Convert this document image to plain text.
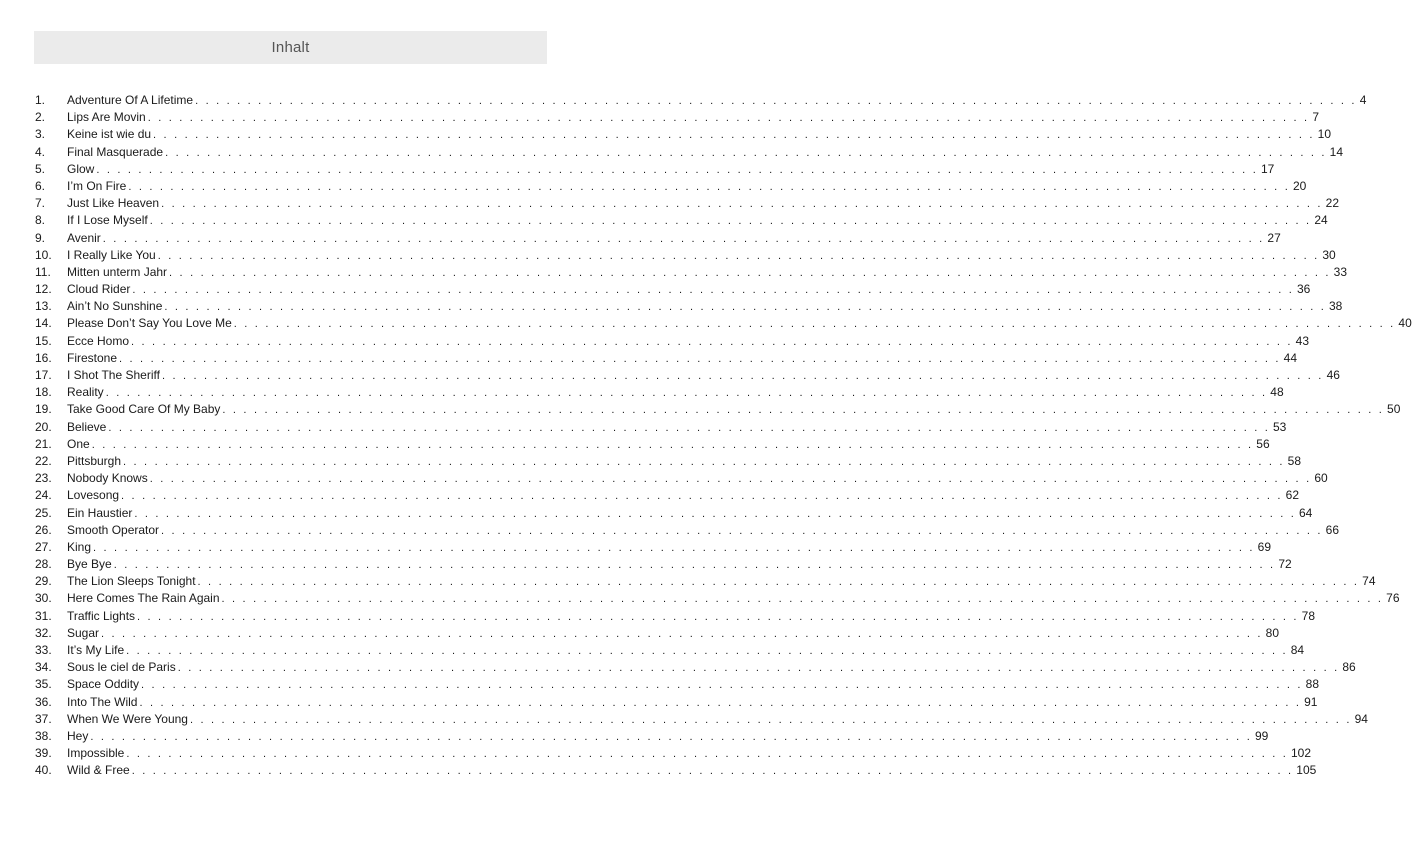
Inhalt
1.	Adventure Of A Lifetime . . . . . . . . . . . . . . . . . . . . . . . . . . . . . . . . . . . . . . . . . . . . . . . . . . . . . . . . . . . . . . . . . . . . . . . . . . . . . . . . . . . . . . . . . . . . . . . . . . . . . . . . . . . . . . . 4
2.	Lips Are Movin . . . . . . . . . . . . . . . . . . . . . . . . . . . . . . . . . . . . . . . . . . . . . . . . . . . . . . . . . . . . . . . . . . . . . . . . . . . . . . . . . . . . . . . . . . . . . . . . . . . . . . . . . . . . . . . 7
3.	Keine ist wie du . . . . . . . . . . . . . . . . . . . . . . . . . . . . . . . . . . . . . . . . . . . . . . . . . . . . . . . . . . . . . . . . . . . . . . . . . . . . . . . . . . . . . . . . . . . . . . . . . . . . . . . . . . . . . . . 10
4.	Final Masquerade . . . . . . . . . . . . . . . . . . . . . . . . . . . . . . . . . . . . . . . . . . . . . . . . . . . . . . . . . . . . . . . . . . . . . . . . . . . . . . . . . . . . . . . . . . . . . . . . . . . . . . . . . . . . . . . 14
5.	Glow . . . . . . . . . . . . . . . . . . . . . . . . . . . . . . . . . . . . . . . . . . . . . . . . . . . . . . . . . . . . . . . . . . . . . . . . . . . . . . . . . . . . . . . . . . . . . . . . . . . . . . . . . . . . . . . 17
6.	I’m On Fire . . . . . . . . . . . . . . . . . . . . . . . . . . . . . . . . . . . . . . . . . . . . . . . . . . . . . . . . . . . . . . . . . . . . . . . . . . . . . . . . . . . . . . . . . . . . . . . . . . . . . . . . . . . . . . . 20
7.	Just Like Heaven . . . . . . . . . . . . . . . . . . . . . . . . . . . . . . . . . . . . . . . . . . . . . . . . . . . . . . . . . . . . . . . . . . . . . . . . . . . . . . . . . . . . . . . . . . . . . . . . . . . . . . . . . . . . . . . 22
8.	If I Lose Myself . . . . . . . . . . . . . . . . . . . . . . . . . . . . . . . . . . . . . . . . . . . . . . . . . . . . . . . . . . . . . . . . . . . . . . . . . . . . . . . . . . . . . . . . . . . . . . . . . . . . . . . . . . . . . . . 24
9.	Avenir . . . . . . . . . . . . . . . . . . . . . . . . . . . . . . . . . . . . . . . . . . . . . . . . . . . . . . . . . . . . . . . . . . . . . . . . . . . . . . . . . . . . . . . . . . . . . . . . . . . . . . . . . . . . . . . 27
10.	I Really Like You . . . . . . . . . . . . . . . . . . . . . . . . . . . . . . . . . . . . . . . . . . . . . . . . . . . . . . . . . . . . . . . . . . . . . . . . . . . . . . . . . . . . . . . . . . . . . . . . . . . . . . . . . . . . . . . 30
11.	Mitten unterm Jahr . . . . . . . . . . . . . . . . . . . . . . . . . . . . . . . . . . . . . . . . . . . . . . . . . . . . . . . . . . . . . . . . . . . . . . . . . . . . . . . . . . . . . . . . . . . . . . . . . . . . . . . . . . . . . . . 33
12.	Cloud Rider . . . . . . . . . . . . . . . . . . . . . . . . . . . . . . . . . . . . . . . . . . . . . . . . . . . . . . . . . . . . . . . . . . . . . . . . . . . . . . . . . . . . . . . . . . . . . . . . . . . . . . . . . . . . . . . 36
13.	Ain’t No Sunshine . . . . . . . . . . . . . . . . . . . . . . . . . . . . . . . . . . . . . . . . . . . . . . . . . . . . . . . . . . . . . . . . . . . . . . . . . . . . . . . . . . . . . . . . . . . . . . . . . . . . . . . . . . . . . . . 38
14.	Please Don’t Say You Love Me . . . . . . . . . . . . . . . . . . . . . . . . . . . . . . . . . . . . . . . . . . . . . . . . . . . . . . . . . . . . . . . . . . . . . . . . . . . . . . . . . . . . . . . . . . . . . . . . . . . . . . . . . . . . . . . 40
15.	Ecce Homo . . . . . . . . . . . . . . . . . . . . . . . . . . . . . . . . . . . . . . . . . . . . . . . . . . . . . . . . . . . . . . . . . . . . . . . . . . . . . . . . . . . . . . . . . . . . . . . . . . . . . . . . . . . . . . . 43
16.	Firestone . . . . . . . . . . . . . . . . . . . . . . . . . . . . . . . . . . . . . . . . . . . . . . . . . . . . . . . . . . . . . . . . . . . . . . . . . . . . . . . . . . . . . . . . . . . . . . . . . . . . . . . . . . . . . . . 44
17.	I Shot The Sheriff . . . . . . . . . . . . . . . . . . . . . . . . . . . . . . . . . . . . . . . . . . . . . . . . . . . . . . . . . . . . . . . . . . . . . . . . . . . . . . . . . . . . . . . . . . . . . . . . . . . . . . . . . . . . . . . 46
18.	Reality . . . . . . . . . . . . . . . . . . . . . . . . . . . . . . . . . . . . . . . . . . . . . . . . . . . . . . . . . . . . . . . . . . . . . . . . . . . . . . . . . . . . . . . . . . . . . . . . . . . . . . . . . . . . . . . 48
19.	Take Good Care Of My Baby . . . . . . . . . . . . . . . . . . . . . . . . . . . . . . . . . . . . . . . . . . . . . . . . . . . . . . . . . . . . . . . . . . . . . . . . . . . . . . . . . . . . . . . . . . . . . . . . . . . . . . . . . . . . . . . 50
20.	Believe . . . . . . . . . . . . . . . . . . . . . . . . . . . . . . . . . . . . . . . . . . . . . . . . . . . . . . . . . . . . . . . . . . . . . . . . . . . . . . . . . . . . . . . . . . . . . . . . . . . . . . . . . . . . . . . 53
21.	One . . . . . . . . . . . . . . . . . . . . . . . . . . . . . . . . . . . . . . . . . . . . . . . . . . . . . . . . . . . . . . . . . . . . . . . . . . . . . . . . . . . . . . . . . . . . . . . . . . . . . . . . . . . . . . . 56
22.	Pittsburgh . . . . . . . . . . . . . . . . . . . . . . . . . . . . . . . . . . . . . . . . . . . . . . . . . . . . . . . . . . . . . . . . . . . . . . . . . . . . . . . . . . . . . . . . . . . . . . . . . . . . . . . . . . . . . . . 58
23.	Nobody Knows . . . . . . . . . . . . . . . . . . . . . . . . . . . . . . . . . . . . . . . . . . . . . . . . . . . . . . . . . . . . . . . . . . . . . . . . . . . . . . . . . . . . . . . . . . . . . . . . . . . . . . . . . . . . . . . 60
24.	Lovesong . . . . . . . . . . . . . . . . . . . . . . . . . . . . . . . . . . . . . . . . . . . . . . . . . . . . . . . . . . . . . . . . . . . . . . . . . . . . . . . . . . . . . . . . . . . . . . . . . . . . . . . . . . . . . . . 62
25.	Ein Haustier . . . . . . . . . . . . . . . . . . . . . . . . . . . . . . . . . . . . . . . . . . . . . . . . . . . . . . . . . . . . . . . . . . . . . . . . . . . . . . . . . . . . . . . . . . . . . . . . . . . . . . . . . . . . . . . 64
26.	Smooth Operator . . . . . . . . . . . . . . . . . . . . . . . . . . . . . . . . . . . . . . . . . . . . . . . . . . . . . . . . . . . . . . . . . . . . . . . . . . . . . . . . . . . . . . . . . . . . . . . . . . . . . . . . . . . . . . . 66
27.	King . . . . . . . . . . . . . . . . . . . . . . . . . . . . . . . . . . . . . . . . . . . . . . . . . . . . . . . . . . . . . . . . . . . . . . . . . . . . . . . . . . . . . . . . . . . . . . . . . . . . . . . . . . . . . . . 69
28.	Bye Bye . . . . . . . . . . . . . . . . . . . . . . . . . . . . . . . . . . . . . . . . . . . . . . . . . . . . . . . . . . . . . . . . . . . . . . . . . . . . . . . . . . . . . . . . . . . . . . . . . . . . . . . . . . . . . . . 72
29.	The Lion Sleeps Tonight . . . . . . . . . . . . . . . . . . . . . . . . . . . . . . . . . . . . . . . . . . . . . . . . . . . . . . . . . . . . . . . . . . . . . . . . . . . . . . . . . . . . . . . . . . . . . . . . . . . . . . . . . . . . . . . 74
30.	Here Comes The Rain Again . . . . . . . . . . . . . . . . . . . . . . . . . . . . . . . . . . . . . . . . . . . . . . . . . . . . . . . . . . . . . . . . . . . . . . . . . . . . . . . . . . . . . . . . . . . . . . . . . . . . . . . . . . . . . . . 76
31.	Traffic Lights . . . . . . . . . . . . . . . . . . . . . . . . . . . . . . . . . . . . . . . . . . . . . . . . . . . . . . . . . . . . . . . . . . . . . . . . . . . . . . . . . . . . . . . . . . . . . . . . . . . . . . . . . . . . . . . 78
32.	Sugar . . . . . . . . . . . . . . . . . . . . . . . . . . . . . . . . . . . . . . . . . . . . . . . . . . . . . . . . . . . . . . . . . . . . . . . . . . . . . . . . . . . . . . . . . . . . . . . . . . . . . . . . . . . . . . . 80
33.	It’s My Life . . . . . . . . . . . . . . . . . . . . . . . . . . . . . . . . . . . . . . . . . . . . . . . . . . . . . . . . . . . . . . . . . . . . . . . . . . . . . . . . . . . . . . . . . . . . . . . . . . . . . . . . . . . . . . . 84
34.	Sous le ciel de Paris . . . . . . . . . . . . . . . . . . . . . . . . . . . . . . . . . . . . . . . . . . . . . . . . . . . . . . . . . . . . . . . . . . . . . . . . . . . . . . . . . . . . . . . . . . . . . . . . . . . . . . . . . . . . . . . 86
35.	Space Oddity . . . . . . . . . . . . . . . . . . . . . . . . . . . . . . . . . . . . . . . . . . . . . . . . . . . . . . . . . . . . . . . . . . . . . . . . . . . . . . . . . . . . . . . . . . . . . . . . . . . . . . . . . . . . . . . 88
36.	Into The Wild . . . . . . . . . . . . . . . . . . . . . . . . . . . . . . . . . . . . . . . . . . . . . . . . . . . . . . . . . . . . . . . . . . . . . . . . . . . . . . . . . . . . . . . . . . . . . . . . . . . . . . . . . . . . . . . 91
37.	When We Were Young . . . . . . . . . . . . . . . . . . . . . . . . . . . . . . . . . . . . . . . . . . . . . . . . . . . . . . . . . . . . . . . . . . . . . . . . . . . . . . . . . . . . . . . . . . . . . . . . . . . . . . . . . . . . . . . 94
38.	Hey . . . . . . . . . . . . . . . . . . . . . . . . . . . . . . . . . . . . . . . . . . . . . . . . . . . . . . . . . . . . . . . . . . . . . . . . . . . . . . . . . . . . . . . . . . . . . . . . . . . . . . . . . . . . . . . 99
39.	Impossible . . . . . . . . . . . . . . . . . . . . . . . . . . . . . . . . . . . . . . . . . . . . . . . . . . . . . . . . . . . . . . . . . . . . . . . . . . . . . . . . . . . . . . . . . . . . . . . . . . . . . . . . . . . . . . . 102
40.	Wild & Free . . . . . . . . . . . . . . . . . . . . . . . . . . . . . . . . . . . . . . . . . . . . . . . . . . . . . . . . . . . . . . . . . . . . . . . . . . . . . . . . . . . . . . . . . . . . . . . . . . . . . . . . . . . . . . . 105
